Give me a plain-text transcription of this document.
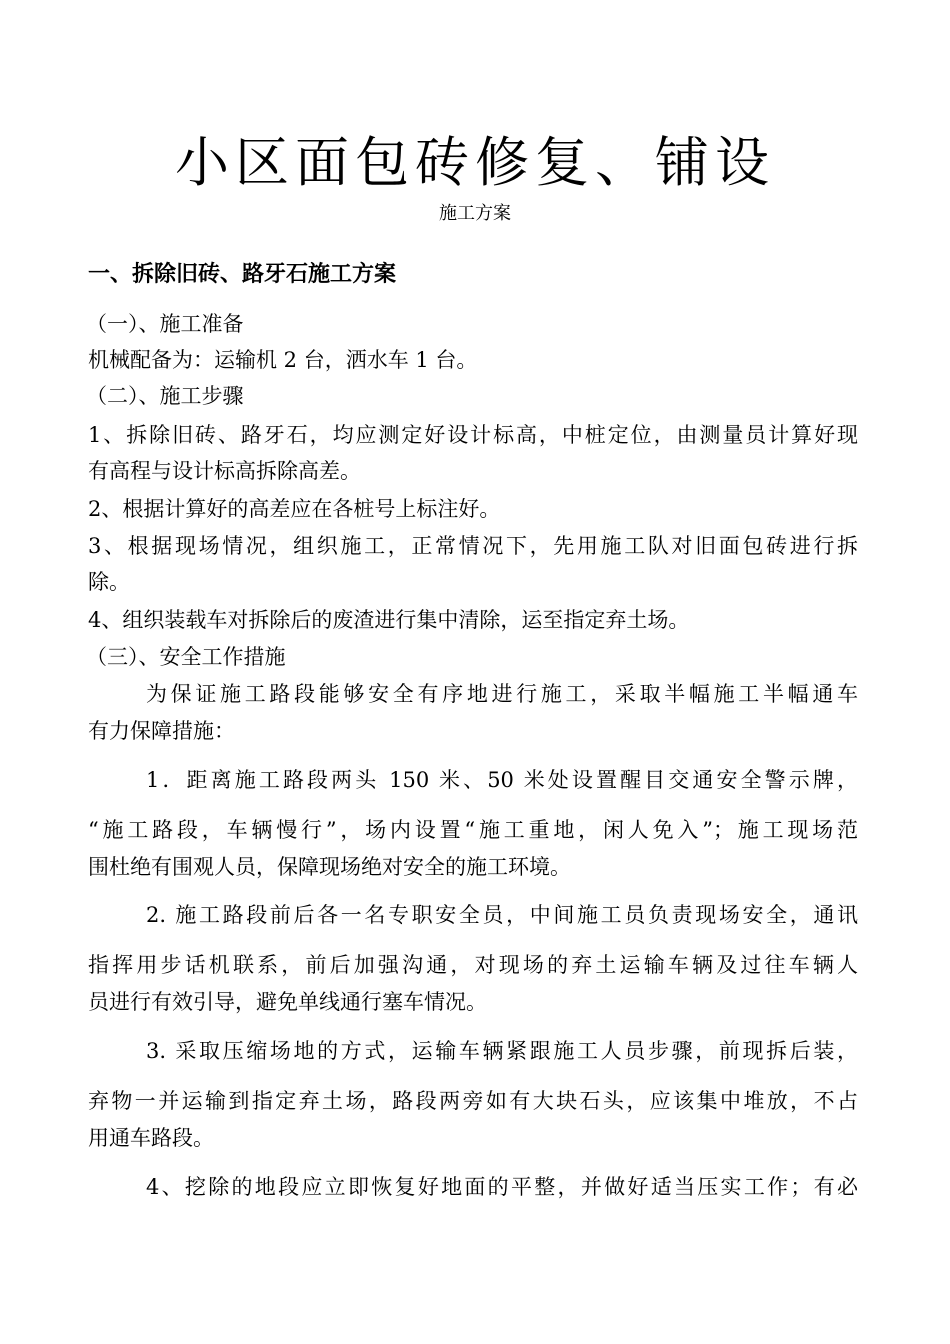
小区面包砖修复、铺设
施工方案
一、拆除旧砖、路牙石施工方案
（一）、施工准备
机械配备为：运输机 2 台，洒水车 1 台。
（二）、施工步骤
1、拆除旧砖、路牙石，均应测定好设计标高，中桩定位，由测量员计算好现
有高程与设计标高拆除高差。
2、根据计算好的高差应在各桩号上标注好。
3、根据现场情况，组织施工，正常情况下，先用施工队对旧面包砖进行拆
除。
4、组织装载车对拆除后的废渣进行集中清除，运至指定弃土场。
（三）、安全工作措施
为保证施工路段能够安全有序地进行施工，采取半幅施工半幅通车
有力保障措施：
1．距离施工路段两头 150 米、50 米处设置醒目交通安全警示牌，
“施工路段，车辆慢行”，场内设置“施工重地，闲人免入”；施工现场范
围杜绝有围观人员，保障现场绝对安全的施工环境。
2. 施工路段前后各一名专职安全员，中间施工员负责现场安全，通讯
指挥用步话机联系，前后加强沟通，对现场的弃土运输车辆及过往车辆人
员进行有效引导，避免单线通行塞车情况。
3. 采取压缩场地的方式，运输车辆紧跟施工人员步骤，前现拆后装，
弃物一并运输到指定弃土场，路段两旁如有大块石头，应该集中堆放，不占
用通车路段。
4、挖除的地段应立即恢复好地面的平整，并做好适当压实工作；有必
